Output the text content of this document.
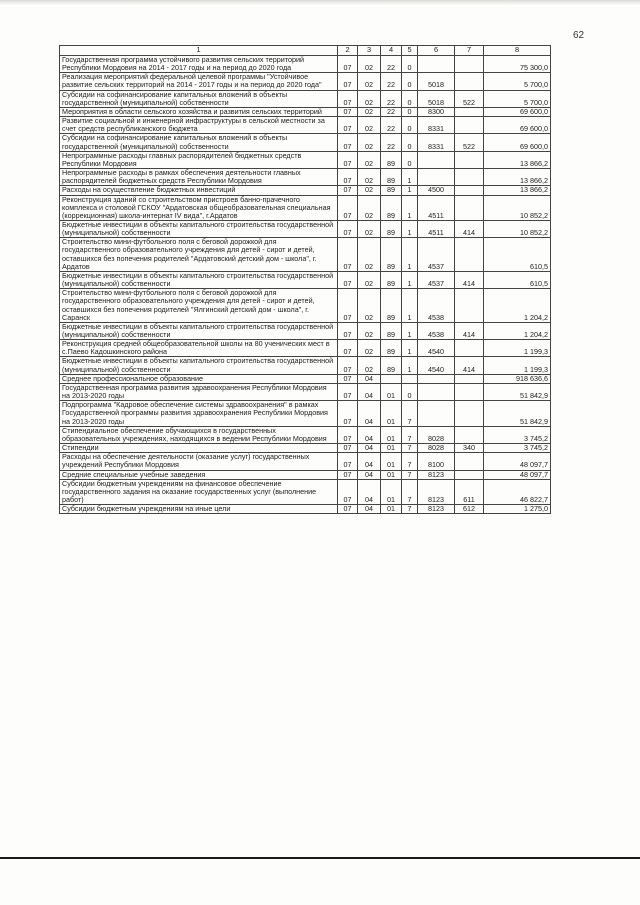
62
1	2	3	4	5	6	7	8
Государственная программа устойчивого развития сельских территорий Республики Мордовия на 2014 - 2017 годы и на период до 2020 года	07	02	22	0			75 300,0
Реализация мероприятий федеральной целевой программы "Устойчивое развитие сельских территорий на 2014 - 2017 годы и на период до 2020 года"	07	02	22	0	5018		5 700,0
Субсидии на софинансирование капитальных вложений в объекты государственной (муниципальной) собственности	07	02	22	0	5018	522	5 700,0
Мероприятия в области сельского хозяйства и развития сельских территорий	07	02	22	0	8300		69 600,0
Развитие социальной и инженерной инфраструктуры в сельской местности за счет средств республиканского бюджета	07	02	22	0	8331		69 600,0
Субсидии на софинансирование капитальных вложений в объекты государственной (муниципальной) собственности	07	02	22	0	8331	522	69 600,0
Непрограммные расходы главных распорядителей бюджетных средств Республики Мордовия	07	02	89	0			13 866,2
Непрограммные расходы в рамках обеспечения деятельности главных распорядителей бюджетных средств Республики Мордовия	07	02	89	1			13 866,2
Расходы на осуществление бюджетных инвестиций	07	02	89	1	4500		13 866,2
Реконструкция зданий со строительством пристроев банно-прачечного комплекса и столовой ГСКОУ "Ардатовская общеобразовательная специальная (коррекционная) школа-интернат IV вида", г.Ардатов	07	02	89	1	4511		10 852,2
Бюджетные инвестиции в объекты капитального строительства государственной (муниципальной) собственности	07	02	89	1	4511	414	10 852,2
Строительство мини-футбольного поля с беговой дорожкой для государственного образовательного учреждения для детей - сирот и детей, оставшихся без попечения родителей "Ардатовский детский дом - школа", г. Ардатов	07	02	89	1	4537		610,5
Бюджетные инвестиции в объекты капитального строительства государственной (муниципальной) собственности	07	02	89	1	4537	414	610,5
Строительство мини-футбольного поля с беговой дорожкой для государственного образовательного учреждения для детей - сирот и детей, оставшихся без попечения родителей "Ялгинский детский дом - школа", г. Саранск	07	02	89	1	4538		1 204,2
Бюджетные инвестиции в объекты капитального строительства государственной (муниципальной) собственности	07	02	89	1	4538	414	1 204,2
Реконструкция средней общеобразовательной школы на 80 ученических мест в с.Паево Кадошкинского района	07	02	89	1	4540		1 199,3
Бюджетные инвестиции в объекты капитального строительства государственной (муниципальной) собственности	07	02	89	1	4540	414	1 199,3
Среднее профессиональное образование	07	04					918 636,6
Государственная программа развития здравоохранения Республики Мордовия на 2013-2020 годы	07	04	01	0			51 842,9
Подпрограмма "Кадровое обеспечение системы здравоохранения" в рамках Государственной программы развития здравоохранения Республики Мордовия на 2013-2020 годы	07	04	01	7			51 842,9
Стипендиальное обеспечение обучающихся в государственных образовательных учреждениях, находящихся в ведении Республики Мордовия	07	04	01	7	8028		3 745,2
Стипендии	07	04	01	7	8028	340	3 745,2
Расходы на обеспечение деятельности (оказание услуг) государственных учреждений Республики Мордовия	07	04	01	7	8100		48 097,7
Средние специальные учебные заведения	07	04	01	7	8123		48 097,7
Субсидии бюджетным учреждениям на финансовое обеспечение государственного задания на оказание государственных услуг (выполнение работ)	07	04	01	7	8123	611	46 822,7
Субсидии бюджетным учреждениям на иные цели	07	04	01	7	8123	612	1 275,0
